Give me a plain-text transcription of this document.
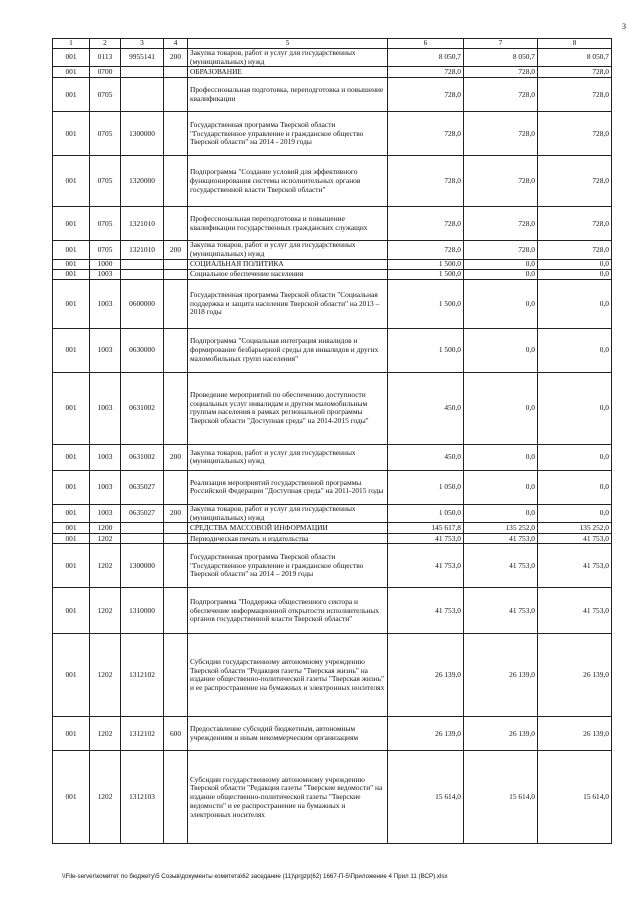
3
1	2	3	4	5	6	7	8
001	0113	9955141	200	Закупка товаров, работ и услуг для государственных (муниципальных) нужд	8 050,7	8 050,7	8 050,7
001	0700			ОБРАЗОВАНИЕ	728,0	728,0	728,0
001	0705			Профессиональная подготовка, переподготовка и повышение квалификации	728,0	728,0	728,0
001	0705	1300000		Государственная программа Тверской области "Государственное управление и гражданское общество Тверской области" на 2014 - 2019 годы	728,0	728,0	728,0
001	0705	1320000		Подпрограмма "Создание условий для эффективного функционирования системы исполнительных органов государственной власти Тверской области"	728,0	728,0	728,0
001	0705	1321010		Профессиональная переподготовка и повышение квалификации государственных гражданских служащих	728,0	728,0	728,0
001	0705	1321010	200	Закупка товаров, работ и услуг для государственных (муниципальных) нужд	728,0	728,0	728,0
001	1000			СОЦИАЛЬНАЯ ПОЛИТИКА	1 500,0	0,0	0,0
001	1003			Социальное обеспечение населения	1 500,0	0,0	0,0
001	1003	0600000		Государственная программа Тверской области "Социальная поддержка и защита населения Тверской области" на 2013 – 2018 годы	1 500,0	0,0	0,0
001	1003	0630000		Подпрограмма "Социальная интеграция инвалидов и формирование безбарьерной среды для инвалидов и других маломобильных групп населения"	1 500,0	0,0	0,0
001	1003	0631002		Проведение мероприятий по обеспечению доступности социальных услуг инвалидам и другим маломобильным группам населения в рамках региональной программы Тверской области "Доступная среда" на 2014-2015 годы"	450,0	0,0	0,0
001	1003	0631002	200	Закупка товаров, работ и услуг для государственных (муниципальных) нужд	450,0	0,0	0,0
001	1003	0635027		Реализация мероприятий государственной программы Российской Федерации "Доступная среда" на 2011-2015 годы	1 050,0	0,0	0,0
001	1003	0635027	200	Закупка товаров, работ и услуг для государственных (муниципальных) нужд	1 050,0	0,0	0,0
001	1200			СРЕДСТВА МАССОВОЙ ИНФОРМАЦИИ	145 617,8	135 252,0	135 252,0
001	1202			Периодическая печать и издательства	41 753,0	41 753,0	41 753,0
001	1202	1300000		Государственная программа Тверской области "Государственное управление и гражданское общество Тверской области" на 2014 – 2019 годы	41 753,0	41 753,0	41 753,0
001	1202	1310000		Подпрограмма "Поддержка общественного сектора и обеспечение информационной открытости исполнительных органов государственной власти Тверской области"	41 753,0	41 753,0	41 753,0
001	1202	1312102		Субсидии государственному автономному учреждению Тверской области "Редакция газеты "Тверская жизнь" на издание общественно-политической газеты "Тверская жизнь" и ее распространение на бумажных и электронных носителях	26 139,0	26 139,0	26 139,0
001	1202	1312102	600	Предоставление субсидий бюджетным, автономным учреждениям и иным некоммерческим организациям	26 139,0	26 139,0	26 139,0
001	1202	1312103		Субсидии государственному автономному учреждению Тверской области "Редакция газеты "Тверские ведомости" на издание общественно-политической газеты "Тверские ведомости" и ее распространение на бумажных и электронных носителях	15 614,0	15 614,0	15 614,0
\\File-server\комитет по бюджету\5 Созыв\документы комитета\62 заседание (11)\prgzp(62) 1667-П-5\Приложение 4 Прил 11 (ВСР).xlsx
